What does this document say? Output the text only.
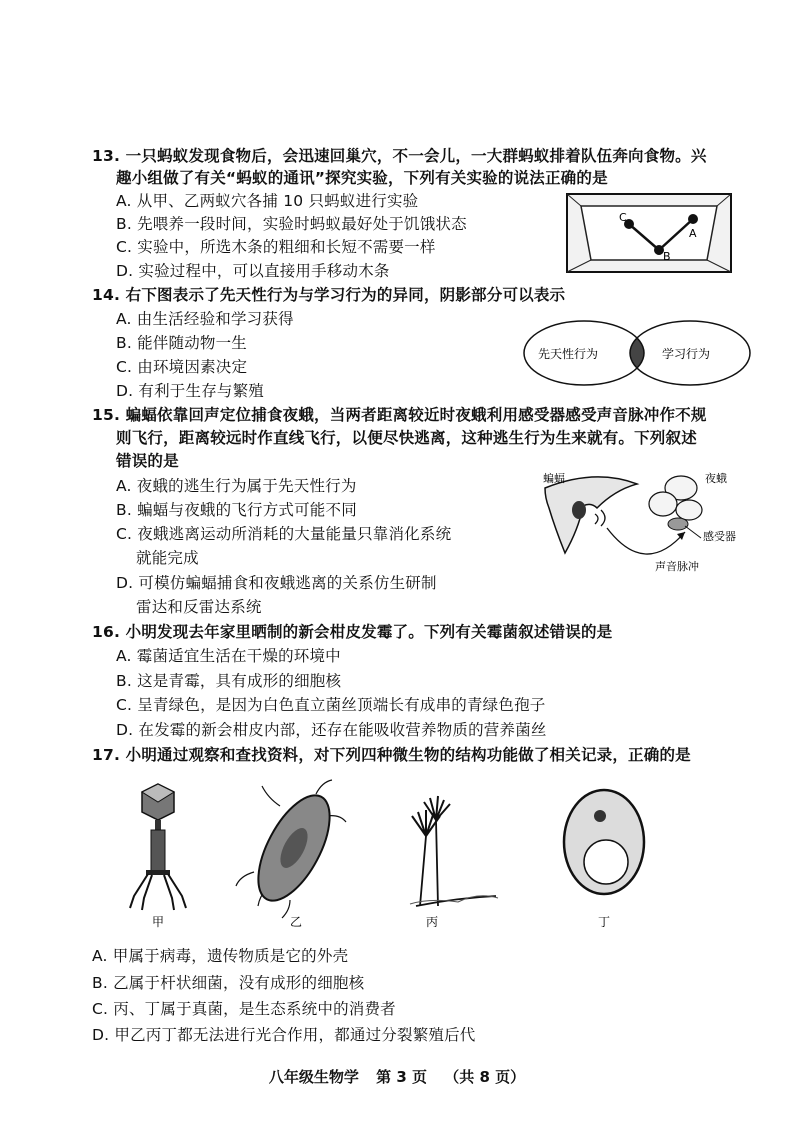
13. 一只蚂蚁发现食物后，会迅速回巢穴，不一会儿，一大群蚂蚁排着队伍奔向食物。兴
趣小组做了有关“蚂蚁的通讯”探究实验，下列有关实验的说法正确的是
A. 从甲、乙两蚁穴各捕 10 只蚂蚁进行实验
B. 先喂养一段时间，实验时蚂蚁最好处于饥饿状态
C. 实验中，所选木条的粗细和长短不需要一样
D. 实验过程中，可以直接用手移动木条
C
A
B
14. 右下图表示了先天性行为与学习行为的异同，阴影部分可以表示
A. 由生活经验和学习获得
B. 能伴随动物一生
C. 由环境因素决定
D. 有利于生存与繁殖
先天性行为	学习行为
15. 蝙蝠依靠回声定位捕食夜蛾，当两者距离较近时夜蛾利用感受器感受声音脉冲作不规
则飞行，距离较远时作直线飞行，以便尽快逃离，这种逃生行为生来就有。下列叙述
错误的是
A. 夜蛾的逃生行为属于先天性行为
B. 蝙蝠与夜蛾的飞行方式可能不同
C. 夜蛾逃离运动所消耗的大量能量只靠消化系统
就能完成
D. 可模仿蝙蝠捕食和夜蛾逃离的关系仿生研制
雷达和反雷达系统
蝙蝠	夜蛾
感受器
声音脉冲
16. 小明发现去年家里晒制的新会柑皮发霉了。下列有关霉菌叙述错误的是
A. 霉菌适宜生活在干燥的环境中
B. 这是青霉，具有成形的细胞核
C. 呈青绿色，是因为白色直立菌丝顶端长有成串的青绿色孢子
D. 在发霉的新会柑皮内部，还存在能吸收营养物质的营养菌丝
17. 小明通过观察和查找资料，对下列四种微生物的结构功能做了相关记录，正确的是
甲	乙	丙	丁
A. 甲属于病毒，遗传物质是它的外壳
B. 乙属于杆状细菌，没有成形的细胞核
C. 丙、丁属于真菌，是生态系统中的消费者
D. 甲乙丙丁都无法进行光合作用，都通过分裂繁殖后代
八年级生物学 第 3 页 （共 8 页）
